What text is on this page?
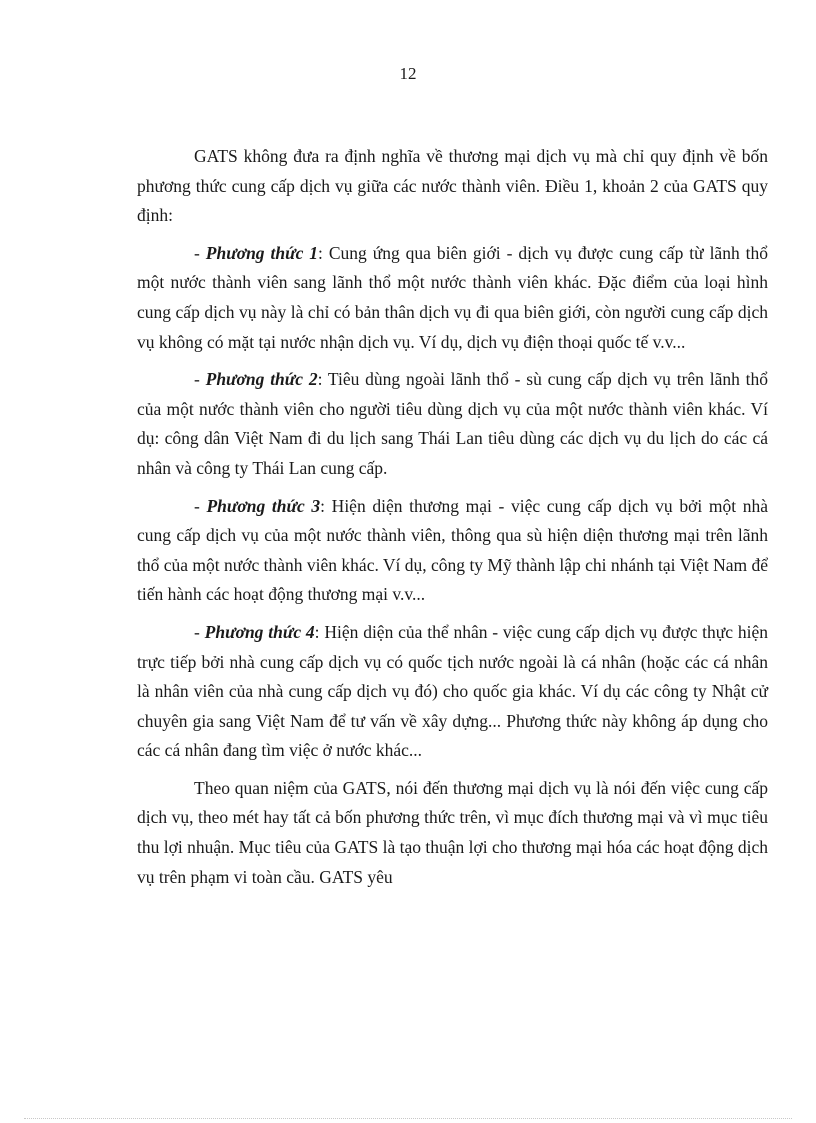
12

GATS không đưa ra định nghĩa về thương mại dịch vụ mà chỉ quy định về bốn phương thức cung cấp dịch vụ giữa các nước thành viên. Điều 1, khoản 2 của GATS quy định:

- Phương thức 1: Cung ứng qua biên giới - dịch vụ được cung cấp từ lãnh thổ một nước thành viên sang lãnh thổ một nước thành viên khác. Đặc điểm của loại hình cung cấp dịch vụ này là chỉ có bản thân dịch vụ đi qua biên giới, còn người cung cấp dịch vụ không có mặt tại nước nhận dịch vụ. Ví dụ, dịch vụ điện thoại quốc tế v.v...

- Phương thức 2: Tiêu dùng ngoài lãnh thổ - sù cung cấp dịch vụ trên lãnh thổ của một nước thành viên cho người tiêu dùng dịch vụ của một nước thành viên khác. Ví dụ: công dân Việt Nam đi du lịch sang Thái Lan tiêu dùng các dịch vụ du lịch do các cá nhân và công ty Thái Lan cung cấp.

- Phương thức 3: Hiện diện thương mại - việc cung cấp dịch vụ bởi một nhà cung cấp dịch vụ của một nước thành viên, thông qua sù hiện diện thương mại trên lãnh thổ của một nước thành viên khác. Ví dụ, công ty Mỹ thành lập chi nhánh tại Việt Nam để tiến hành các hoạt động thương mại v.v...

- Phương thức 4: Hiện diện của thể nhân - việc cung cấp dịch vụ được thực hiện trực tiếp bởi nhà cung cấp dịch vụ có quốc tịch nước ngoài là cá nhân (hoặc các cá nhân là nhân viên của nhà cung cấp dịch vụ đó) cho quốc gia khác. Ví dụ các công ty Nhật cử chuyên gia sang Việt Nam để tư vấn về xây dựng... Phương thức này không áp dụng cho các cá nhân đang tìm việc ở nước khác...

Theo quan niệm của GATS, nói đến thương mại dịch vụ là nói đến việc cung cấp dịch vụ, theo mét hay tất cả bốn phương thức trên, vì mục đích thương mại và vì mục tiêu thu lợi nhuận. Mục tiêu của GATS là tạo thuận lợi cho thương mại hóa các hoạt động dịch vụ trên phạm vi toàn cầu. GATS yêu
